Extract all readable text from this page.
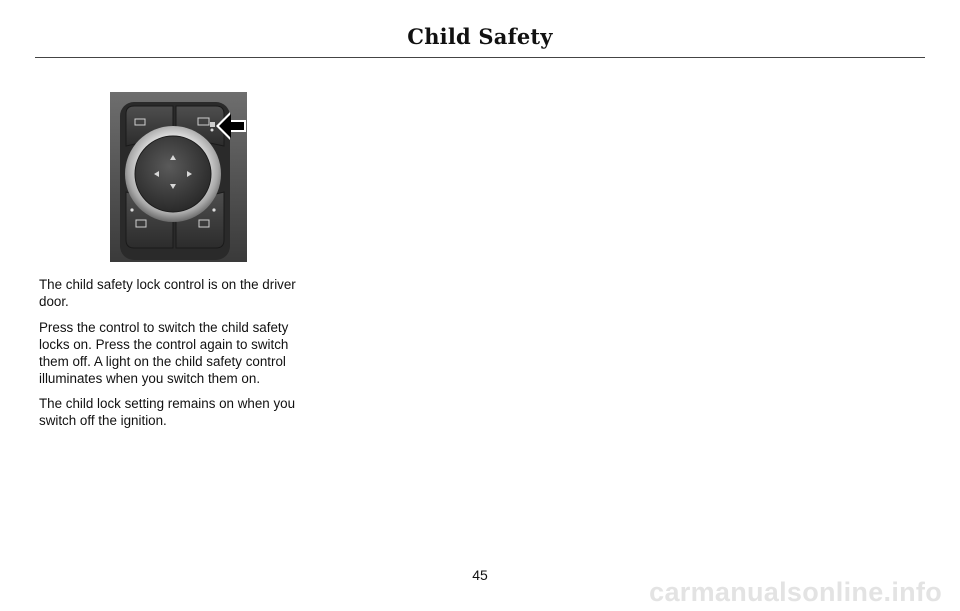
Child Safety

The child safety lock control is on the driver door.

Press the control to switch the child safety locks on. Press the control again to switch them off. A light on the child safety control illuminates when you switch them on.

The child lock setting remains on when you switch off the ignition.

45
carmanualsonline.info
